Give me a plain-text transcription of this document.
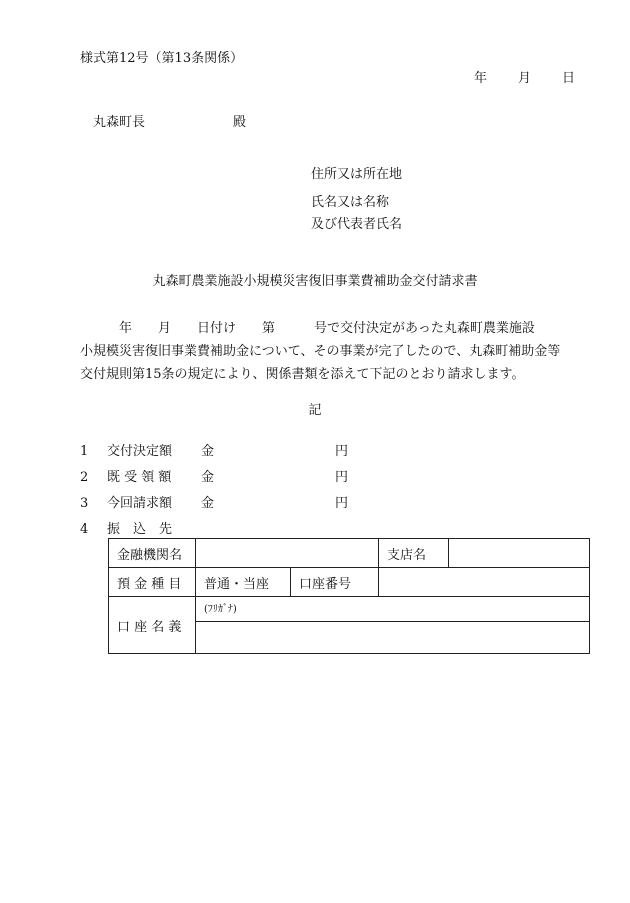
様式第12号（第13条関係）
年 月 日
丸森町長	殿
住所又は所在地
氏名又は名称
及び代表者氏名
丸森町農業施設小規模災害復旧事業費補助金交付請求書

　　　年　　月　　日付け　　第　　　号で交付決定があった丸森町農業施設

小規模災害復旧事業費補助金について、その事業が完了したので、丸森町補助金等

交付規則第15条の規定により、関係書類を添えて下記のとおり請求します。

記
1	交付決定額	金	円
2	既 受 領 額	金	円
3	今回請求額	金	円
4	振　込　先
金融機関名			支店名	
預 金 種 目	普通・当座	口座番号		
口 座 名 義	(ﾌﾘｶﾞﾅ)			
